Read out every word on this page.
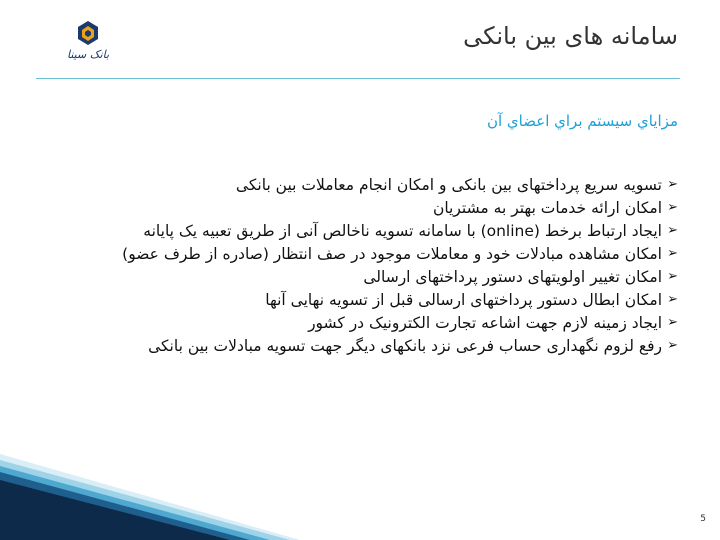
سامانه های بین بانکی
بانک سینا
مزاياي سيستم براي اعضاي آن
➢
تسویه سریع پرداختهای بین بانکی و امکان انجام معاملات بین بانکی
➢
امکان ارائه خدمات بهتر به مشتریان
➢
ایجاد ارتباط برخط (online) با سامانه تسویه ناخالص آنی از طریق تعبیه یک پایانه
➢
امکان مشاهده مبادلات خود و معاملات موجود در صف انتظار (صادره از طرف عضو)
➢
امکان تغییر اولویتهای دستور پرداختهای ارسالی
➢
امکان ابطال دستور پرداختهای ارسالی قبل از تسویه نهایی آنها
➢
ایجاد زمینه لازم جهت اشاعه تجارت الکترونیک در کشور
➢
رفع لزوم نگهداری حساب فرعی نزد بانکهای دیگر جهت تسویه مبادلات بین بانکی
5
